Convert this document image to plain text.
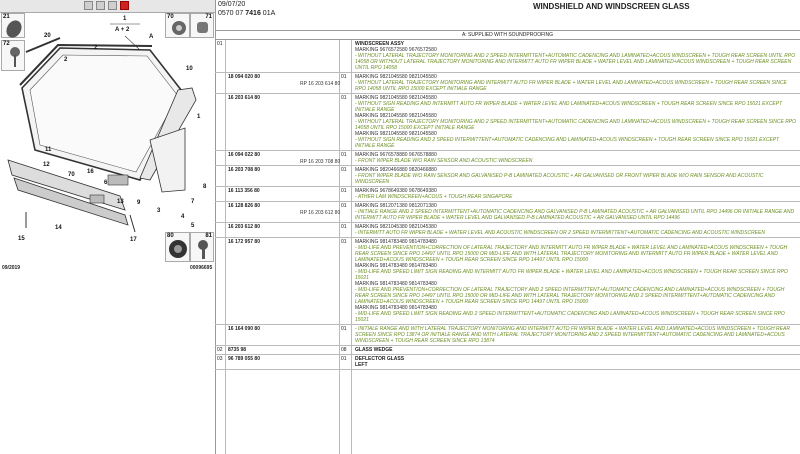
21
72
70	71
80	81
1
A + 2
20
2
2
A
10
1
11
12
70
13
16
14
9
3
6
8
7
4
5
15	17
09/2019	00096695
09/07/20
0570 07 7416 01A
WINDSHIELD AND WINDSCREEN GLASS
A: SUPPLIED WITH SOUNDPROOFING
01	WINDSCREEN ASSY
MARKING 9676572580 9676572580
- WITHOUT LATERAL TRAJECTORY MONITORING AND 2 SPEED INTERMITTENT+AUTOMATIC CADENCING AND LAMINATED+ACOUS WINDSCREEN + TOUGH REAR SCREEN UNTIL RPO 14058 OR WITHOUT LATERAL TRAJECTORY MONITORING AND INTERMITT AUTO FR WIPER BLADE + WATER LEVEL AND LAMINATED+ACOUS WINDSCREEN + TOUGH REAR SCREEN UNTIL RPO 14058
18 094 020 80	01
RP 16 203 614 80
MARKING 9821045580 9821045580
- WITHOUT LATERAL TRAJECTORY MONITORING AND INTERMITT AUTO FR WIPER BLADE + WATER LEVEL AND LAMINATED+ACOUS WINDSCREEN + TOUGH REAR SCREEN SINCE RPO 14058 UNTIL RPO 15000 EXCEPT INITIALE RANGE
16 203 614 80	01 MARKING 9821045580 9821045580
- WITHOUT SIGN READING AND INTERMITT AUTO FR WIPER BLADE + WATER LEVEL AND LAMINATED+ACOUS WINDSCREEN + TOUGH REAR SCREEN SINCE RPO 15021 EXCEPT INITIALE RANGE
MARKING 9821045580 9821045580
- WITHOUT LATERAL TRAJECTORY MONITORING AND 2 SPEED INTERMITTENT+AUTOMATIC CADENCING AND LAMINATED+ACOUS WINDSCREEN + TOUGH REAR SCREEN SINCE RPO 14058 UNTIL RPO 15000 EXCEPT INITIALE RANGE
MARKING 9821045580 9821045580
- WITHOUT SIGN READING AND 2 SPEED INTERMITTENT+AUTOMATIC CADENCING AND LAMINATED+ACOUS WINDSCREEN + TOUGH REAR SCREEN SINCE RPO 15021 EXCEPT INITIALE RANGE
16 094 022 80	01
RP 16 203 708 80
MARKING 9676578880 9676578880
- FRONT WIPER BLADE W/O RAIN SENSOR AND ACOUSTIC WINDSCREEN
16 203 708 80	01 MARKING 9820466880 9820466880
- FRONT WIPER BLADE W/O RAIN SENSOR AND GALVANISED P-B LAMINATED ACOUSTIC + AR GALVANISED OR FRONT WIPER BLADE W/O RAIN SENSOR AND ACOUSTIC WINDSCREEN
16 113 356 80	01 MARKING 9678649380 9678649380
- ATHER LAM WINDSCREEN+ACOUS + TOUGH REAR SINGAPORE
16 128 826 80	01
RP 16 203 612 80
MARKING 9812071380 9812071380
- INITIALE RANGE AND 2 SPEED INTERMITTENT+AUTOMATIC CADENCING AND GALVANISED P-B LAMINATED ACOUSTIC + AR GALVANISED UNTIL RPO 14496 OR INITIALE RANGE AND INTERMITT AUTO FR WIPER BLADE + WATER LEVEL AND GALVANISED P-B LAMINATED ACOUSTIC + AR GALVANISED UNTIL RPO 14496
16 203 612 80	01 MARKING 9821045380 9821045380
- INTERMITT AUTO FR WIPER BLADE + WATER LEVEL AND ACOUSTIC WINDSCREEN OR 2 SPEED INTERMITTENT+AUTOMATIC CADENCING AND ACOUSTIC WINDSCREEN
16 172 957 80	01 MARKING 9814783480 9814783480
- MID-LIFE AND PREVENTION+CORRECTION OF LATERAL TRAJECTORY AND INTERMITT AUTO FR WIPER BLADE + WATER LEVEL AND LAMINATED+ACOUS WINDSCREEN + TOUGH REAR SCREEN SINCE RPO 14497 UNTIL RPO 15000 OR MID-LIFE AND WITH LATERAL TRAJECTORY MONITORING AND INTERMITT AUTO FR WIPER BLADE + WATER LEVEL AND LAMINATED+ACOUS WINDSCREEN + TOUGH REAR SCREEN SINCE RPO 14497 UNTIL RPO 15000
MARKING 9814783480 9814783480
- MID-LIFE AND SPEED LIMIT SIGN READING AND INTERMITT AUTO FR WIPER BLADE + WATER LEVEL AND LAMINATED+ACOUS WINDSCREEN + TOUGH REAR SCREEN SINCE RPO 15021
MARKING 9814783480 9814783480
- MID-LIFE AND PREVENTION+CORRECTION OF LATERAL TRAJECTORY AND 2 SPEED INTERMITTENT+AUTOMATIC CADENCING AND LAMINATED+ACOUS WINDSCREEN + TOUGH REAR SCREEN SINCE RPO 14497 UNTIL RPO 15000 OR MID-LIFE AND WITH LATERAL TRAJECTORY MONITORING AND 2 SPEED INTERMITTENT+AUTOMATIC CADENCING AND LAMINATED+ACOUS WINDSCREEN + TOUGH REAR SCREEN SINCE RPO 14497 UNTIL RPO 15000
MARKING 9814783480 9814783480
- MID-LIFE AND SPEED LIMIT SIGN READING AND 2 SPEED INTERMITTENT+AUTOMATIC CADENCING AND LAMINATED+ACOUS WINDSCREEN + TOUGH REAR SCREEN SINCE RPO 15021
16 164 090 80	01 - INITIALE RANGE AND WITH LATERAL TRAJECTORY MONITORING AND INTERMITT AUTO FR WIPER BLADE + WATER LEVEL AND LAMINATED+ACOUS WINDSCREEN + TOUGH REAR SCREEN SINCE RPO 13874 OR INITIALE RANGE AND WITH LATERAL TRAJECTORY MONITORING AND 2 SPEED INTERMITTENT+AUTOMATIC CADENCING AND LAMINATED+ACOUS WINDSCREEN + TOUGH REAR SCREEN SINCE RPO 13874
02 8735 98	08 GLASS WEDGE
03 96 789 055 80	01 DEFLECTOR GLASS
LEFT
